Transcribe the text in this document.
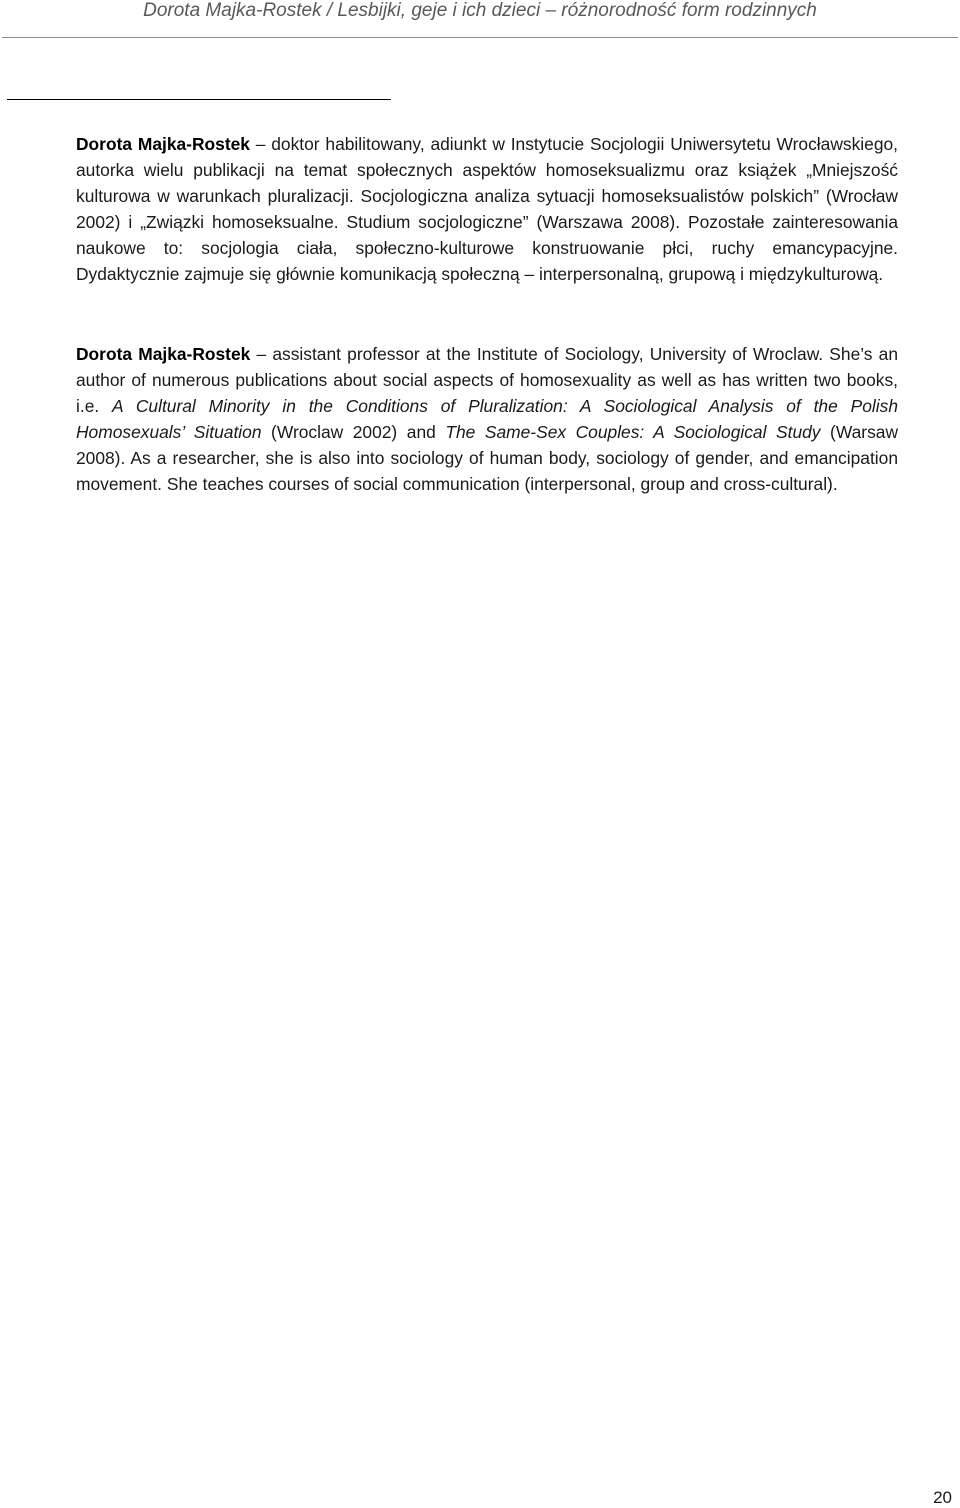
Dorota Majka-Rostek / Lesbijki, geje i ich dzieci – różnorodność form rodzinnych

Dorota Majka-Rostek – doktor habilitowany, adiunkt w Instytucie Socjologii Uniwersytetu Wrocławskiego, autorka wielu publikacji na temat społecznych aspektów homoseksualizmu oraz książek „Mniejszość kulturowa w warunkach pluralizacji. Socjologiczna analiza sytuacji homoseksualistów polskich” (Wrocław 2002) i „Związki homoseksualne. Studium socjologiczne” (Warszawa 2008). Pozostałe zainteresowania naukowe to: socjologia ciała, społeczno-kulturowe konstruowanie płci, ruchy emancypacyjne. Dydaktycznie zajmuje się głównie komunikacją społeczną – interpersonalną, grupową i międzykulturową.

Dorota Majka-Rostek – assistant professor at the Institute of Sociology, University of Wroclaw. She’s an author of numerous publications about social aspects of homosexuality as well as has written two books, i.e. A Cultural Minority in the Conditions of Pluralization: A Sociological Analysis of the Polish Homosexuals’ Situation (Wroclaw 2002) and The Same-Sex Couples: A Sociological Study (Warsaw 2008). As a researcher, she is also into sociology of human body, sociology of gender, and emancipation movement. She teaches courses of social communication (interpersonal, group and cross-cultural).

20
